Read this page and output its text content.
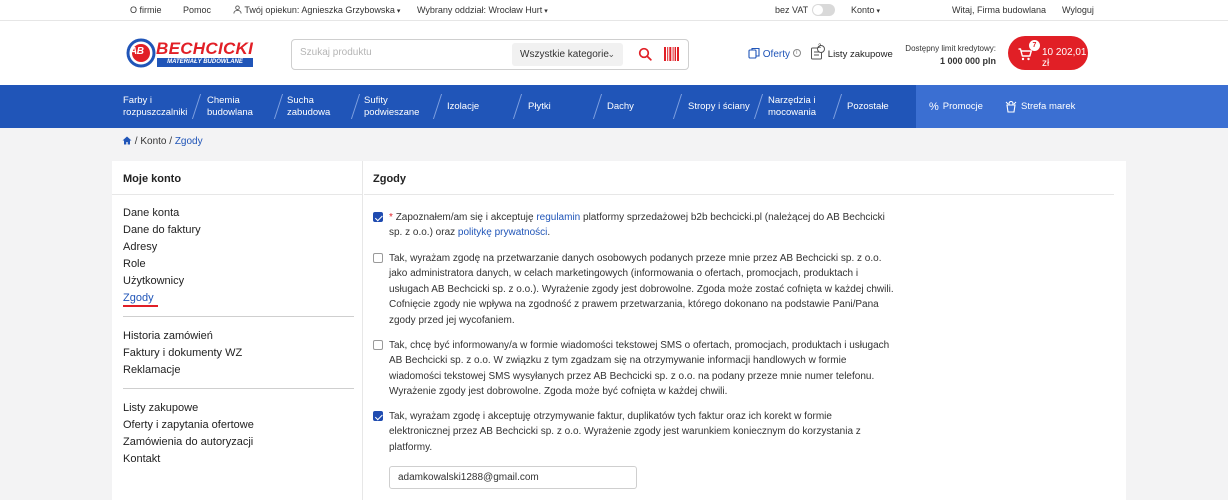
O firmie Pomoc	Twój opiekun: Agnieszka Grzybowska ▾ Wybrany oddział: Wrocław Hurt ▾	bez VAT	Konto ▾	Witaj, Firma budowlana Wyloguj
AB BECHCICKI
MATERIAŁY BUDOWLANE
Szukaj produktu
Wszystkie kategorie
⌄	Oferty i

2
Listy zakupowe
Dostępny limit kredytowy:
1 000 000 pln
7
10 202,01 zł
Farby i
rozpuszczalniki
Chemia
budowlana
Sucha
zabudowa
Sufity
podwieszane
Izolacje	Płytki	Dachy	Stropy i ściany
Narzędzia i
mocowania
Pozostałe	% Promocje	Strefa marek
/ Konto / Zgody
Moje konto
Dane konta
Dane do faktury
Adresy
Role
Użytkownicy
Zgody
Historia zamówień
Faktury i dokumenty WZ
Reklamacje
Listy zakupowe
Oferty i zapytania ofertowe
Zamówienia do autoryzacji
Kontakt
Zgody
* Zapoznałem/am się i akceptuję regulamin platformy sprzedażowej b2b bechcicki.pl (należącej do AB Bechcicki sp. z o.o.) oraz politykę prywatności.
Tak, wyrażam zgodę na przetwarzanie danych osobowych podanych przeze mnie przez AB Bechcicki sp. z o.o. jako administratora danych, w celach marketingowych (informowania o ofertach, promocjach, produktach i usługach AB Bechcicki sp. z o.o.). Wyrażenie zgody jest dobrowolne. Zgoda może zostać cofnięta w każdej chwili. Cofnięcie zgody nie wpływa na zgodność z prawem przetwarzania, którego dokonano na podstawie Pani/Pana zgody przed jej wycofaniem.
Tak, chcę być informowany/a w formie wiadomości tekstowej SMS o ofertach, promocjach, produktach i usługach AB Bechcicki sp. z o.o. W związku z tym zgadzam się na otrzymywanie informacji handlowych w formie wiadomości tekstowej SMS wysyłanych przez AB Bechcicki sp. z o.o. na podany przeze mnie numer telefonu. Wyrażenie zgody jest dobrowolne. Zgoda może być cofnięta w każdej chwili.
Tak, wyrażam zgodę i akceptuję otrzymywanie faktur, duplikatów tych faktur oraz ich korekt w formie elektronicznej przez AB Bechcicki sp. z o.o. Wyrażenie zgody jest warunkiem koniecznym do korzystania z platformy.
adamkowalski1288@gmail.com
